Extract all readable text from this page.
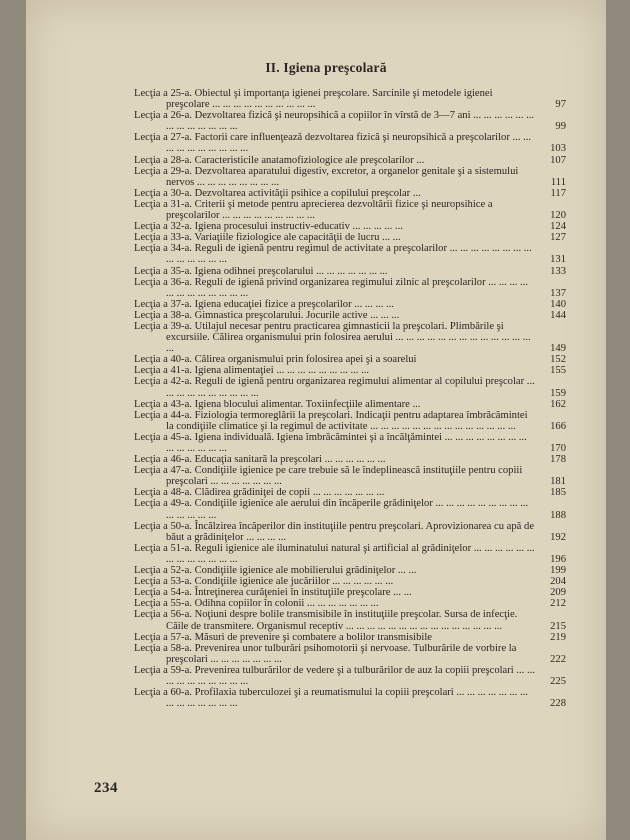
II. Igiena preşcolară
Lecţia a 25-a. Obiectul şi importanţa igienei preşcolare. Sarcinile şi metodele igienei preşcolare ... ... ... ... ... ... ... ... ... ...	97
Lecţia a 26-a. Dezvoltarea fizică şi neuropsihică a copiilor în vîrstă de 3—7 ani ... ... ... ... ... ... ... ... ... ... ... ... ...	99
Lecţia a 27-a. Factorii care influenţează dezvoltarea fizică şi neuropsihică a preşcolarilor ... ... ... ... ... ... ... ... ... ...	103
Lecţia a 28-a. Caracteristicile anatamofiziologice ale preşcolarilor ...	107
Lecţia a 29-a. Dezvoltarea aparatului digestiv, excretor, a organelor genitale şi a sistemului nervos ... ... ... ... ... ... ... ...	111
Lecţia a 30-a. Dezvoltarea activităţii psihice a copilului preşcolar ...	117
Lecţia a 31-a. Criterii şi metode pentru aprecierea dezvoltării fizice şi neuropsihice a preşcolarilor ... ... ... ... ... ... ... ... ...	120
Lecţia a 32-a. Igiena procesului instructiv-educativ ... ... ... ... ...	124
Lecţia a 33-a. Variaţiile fiziologice ale capacităţii de lucru ... ...	127
Lecţia a 34-a. Reguli de igienă pentru regimul de activitate a preşcolarilor ... ... ... ... ... ... ... ... ... ... ... ... ... ...	131
Lecţia a 35-a. Igiena odihnei preşcolarului ... ... ... ... ... ... ...	133
Lecţia a 36-a. Reguli de igienă privind organizarea regimului zilnic al preşcolarilor ... ... ... ... ... ... ... ... ... ... ... ...	137
Lecţia a 37-a. Igiena educaţiei fizice a preşcolarilor ... ... ... ...	140
Lecţia a 38-a. Gimnastica preşcolarului. Jocurile active ... ... ...	144
Lecţia a 39-a. Utilajul necesar pentru practicarea gimnasticii la preşcolari. Plimbările şi excursiile. Călirea organismului prin folosirea aerului ... ... ... ... ... ... ... ... ... ... ... ... ... ...	149
Lecţia a 40-a. Călirea organismului prin folosirea apei şi a soarelui	152
Lecţia a 41-a. Igiena alimentaţiei ... ... ... ... ... ... ... ... ...	155
Lecţia a 42-a. Reguli de igienă pentru organizarea regimului alimentar al copilului preşcolar ... ... ... ... ... ... ... ... ... ...	159
Lecţia a 43-a. Igiena blocului alimentar. Toxiinfecţiile alimentare ...	162
Lecţia a 44-a. Fiziologia termoreglării la preşcolari. Indicaţii pentru adaptarea îmbrăcămintei la condiţiile climatice şi la regimul de activitate ... ... ... ... ... ... ... ... ... ... ... ... ... ...	166
Lecţia a 45-a. Igiena individuală. Igiena îmbrăcămintei şi a încălţămintei ... ... ... ... ... ... ... ... ... ... ... ... ... ...	170
Lecţia a 46-a. Educaţia sanitară la preşcolari ... ... ... ... ... ...	178
Lecţia a 47-a. Condiţiile igienice pe care trebuie să le îndeplinească instituţiile pentru copiii preşcolari ... ... ... ... ... ... ...	181
Lecţia a 48-a. Clădirea grădiniţei de copii ... ... ... ... ... ... ...	185
Lecţia a 49-a. Condiţiile igienice ale aerului din încăperile grădiniţelor ... ... ... ... ... ... ... ... ... ... ... ... ... ...	188
Lecţia a 50-a. Încălzirea încăperilor din instituţiile pentru preşcolari. Aprovizionarea cu apă de băut a grădiniţelor ... ... ... ...	192
Lecţia a 51-a. Reguli igienice ale iluminatului natural şi artificial al grădiniţelor ... ... ... ... ... ... ... ... ... ... ... ... ...	196
Lecţia a 52-a. Condiţiile igienice ale mobilierului grădiniţelor ... ...	199
Lecţia a 53-a. Condiţiile igienice ale jucăriilor ... ... ... ... ... ...	204
Lecţia a 54-a. Întreţinerea curăţeniei în instituţiile preşcolare ... ...	209
Lecţia a 55-a. Odihna copiilor în colonii ... ... ... ... ... ... ...	212
Lecţia a 56-a. Noţiuni despre bolile transmisibile în instituţiile preşcolar. Sursa de infecţie. Căile de transmitere. Organismul receptiv ... ... ... ... ... ... ... ... ... ... ... ... ... ... ...	215
Lecţia a 57-a. Măsuri de prevenire şi combatere a bolilor transmisibile	219
Lecţia a 58-a. Prevenirea unor tulburări psihomotorii şi nervoase. Tulburările de vorbire la preşcolari ... ... ... ... ... ... ...	222
Lecţia a 59-a. Prevenirea tulburărilor de vedere şi a tulburărilor de auz la copiii preşcolari ... ... ... ... ... ... ... ... ... ...	225
Lecţia a 60-a. Profilaxia tuberculozei şi a reumatismului la copiii preşcolari ... ... ... ... ... ... ... ... ... ... ... ... ... ...	228
234
